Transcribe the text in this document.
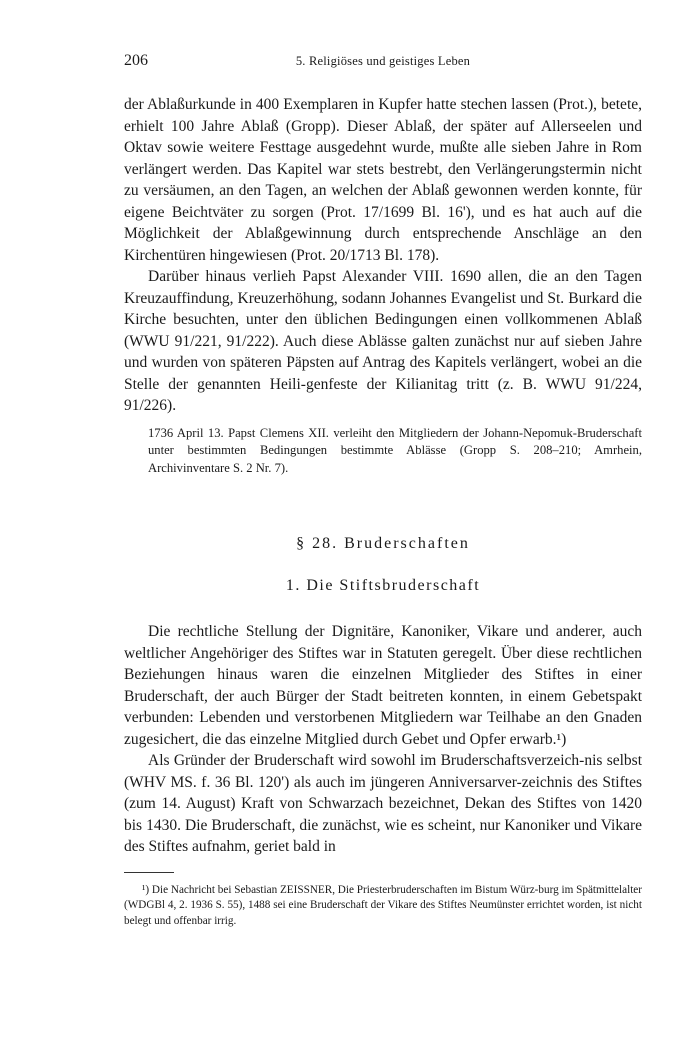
206	5. Religiöses und geistiges Leben

der Ablaßurkunde in 400 Exemplaren in Kupfer hatte stechen lassen (Prot.), betete, erhielt 100 Jahre Ablaß (Gropp). Dieser Ablaß, der später auf Allerseelen und Oktav sowie weitere Festtage ausgedehnt wurde, mußte alle sieben Jahre in Rom verlängert werden. Das Kapitel war stets bestrebt, den Verlängerungstermin nicht zu versäumen, an den Tagen, an welchen der Ablaß gewonnen werden konnte, für eigene Beichtväter zu sorgen (Prot. 17/1699 Bl. 16'), und es hat auch auf die Möglichkeit der Ablaßgewinnung durch entsprechende Anschläge an den Kirchentüren hingewiesen (Prot. 20/1713 Bl. 178).

Darüber hinaus verlieh Papst Alexander VIII. 1690 allen, die an den Tagen Kreuzauffindung, Kreuzerhöhung, sodann Johannes Evangelist und St. Burkard die Kirche besuchten, unter den üblichen Bedingungen einen vollkommenen Ablaß (WWU 91/221, 91/222). Auch diese Ablässe galten zunächst nur auf sieben Jahre und wurden von späteren Päpsten auf Antrag des Kapitels verlängert, wobei an die Stelle der genannten Heili-genfeste der Kilianitag tritt (z. B. WWU 91/224, 91/226).

1736 April 13. Papst Clemens XII. verleiht den Mitgliedern der Johann-Nepomuk-Bruderschaft unter bestimmten Bedingungen bestimmte Ablässe (Gropp S. 208–210; Amrhein, Archivinventare S. 2 Nr. 7).

§ 28. Bruderschaften
1. Die Stiftsbruderschaft

Die rechtliche Stellung der Dignitäre, Kanoniker, Vikare und anderer, auch weltlicher Angehöriger des Stiftes war in Statuten geregelt. Über diese rechtlichen Beziehungen hinaus waren die einzelnen Mitglieder des Stiftes in einer Bruderschaft, der auch Bürger der Stadt beitreten konnten, in einem Gebetspakt verbunden: Lebenden und verstorbenen Mitgliedern war Teilhabe an den Gnaden zugesichert, die das einzelne Mitglied durch Gebet und Opfer erwarb.¹)

Als Gründer der Bruderschaft wird sowohl im Bruderschaftsverzeich-nis selbst (WHV MS. f. 36 Bl. 120') als auch im jüngeren Anniversarver-zeichnis des Stiftes (zum 14. August) Kraft von Schwarzach bezeichnet, Dekan des Stiftes von 1420 bis 1430. Die Bruderschaft, die zunächst, wie es scheint, nur Kanoniker und Vikare des Stiftes aufnahm, geriet bald in

¹) Die Nachricht bei Sebastian ZEISSNER, Die Priesterbruderschaften im Bistum Würz-burg im Spätmittelalter (WDGBl 4, 2. 1936 S. 55), 1488 sei eine Bruderschaft der Vikare des Stiftes Neumünster errichtet worden, ist nicht belegt und offenbar irrig.
